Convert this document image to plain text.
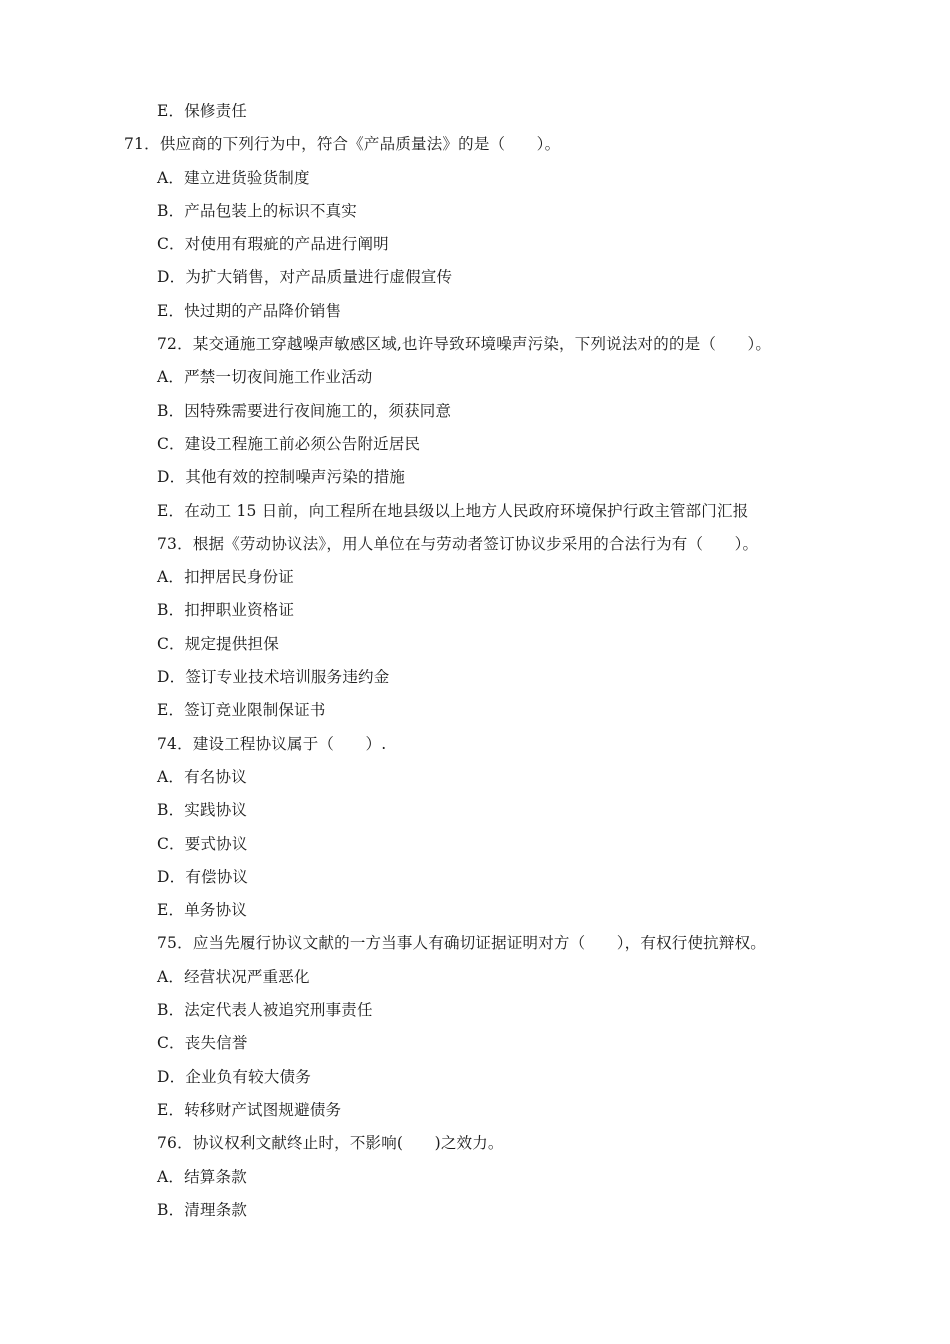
E．保修责任
71．供应商的下列行为中，符合《产品质量法》的是（　　）。
A．建立进货验货制度
B．产品包装上的标识不真实
C．对使用有瑕疵的产品进行阐明
D．为扩大销售，对产品质量进行虚假宣传
E．快过期的产品降价销售
72．某交通施工穿越噪声敏感区域,也许导致环境噪声污染，下列说法对的的是（　　）。
A．严禁一切夜间施工作业活动
B．因特殊需要进行夜间施工的，须获同意
C．建设工程施工前必须公告附近居民
D．其他有效的控制噪声污染的措施
E．在动工 15 日前，向工程所在地县级以上地方人民政府环境保护行政主管部门汇报
73．根据《劳动协议法》，用人单位在与劳动者签订协议步采用的合法行为有（　　）。
A．扣押居民身份证
B．扣押职业资格证
C．规定提供担保
D．签订专业技术培训服务违约金
E．签订竞业限制保证书
74．建设工程协议属于（　　）.
A．有名协议
B．实践协议
C．要式协议
D．有偿协议
E．单务协议
75．应当先履行协议文献的一方当事人有确切证据证明对方（　　），有权行使抗辩权。
A．经营状况严重恶化
B．法定代表人被追究刑事责任
C．丧失信誉
D．企业负有较大债务
E．转移财产试图规避债务
76．协议权利文献终止时，不影响(　　)之效力。
A．结算条款
B．清理条款
